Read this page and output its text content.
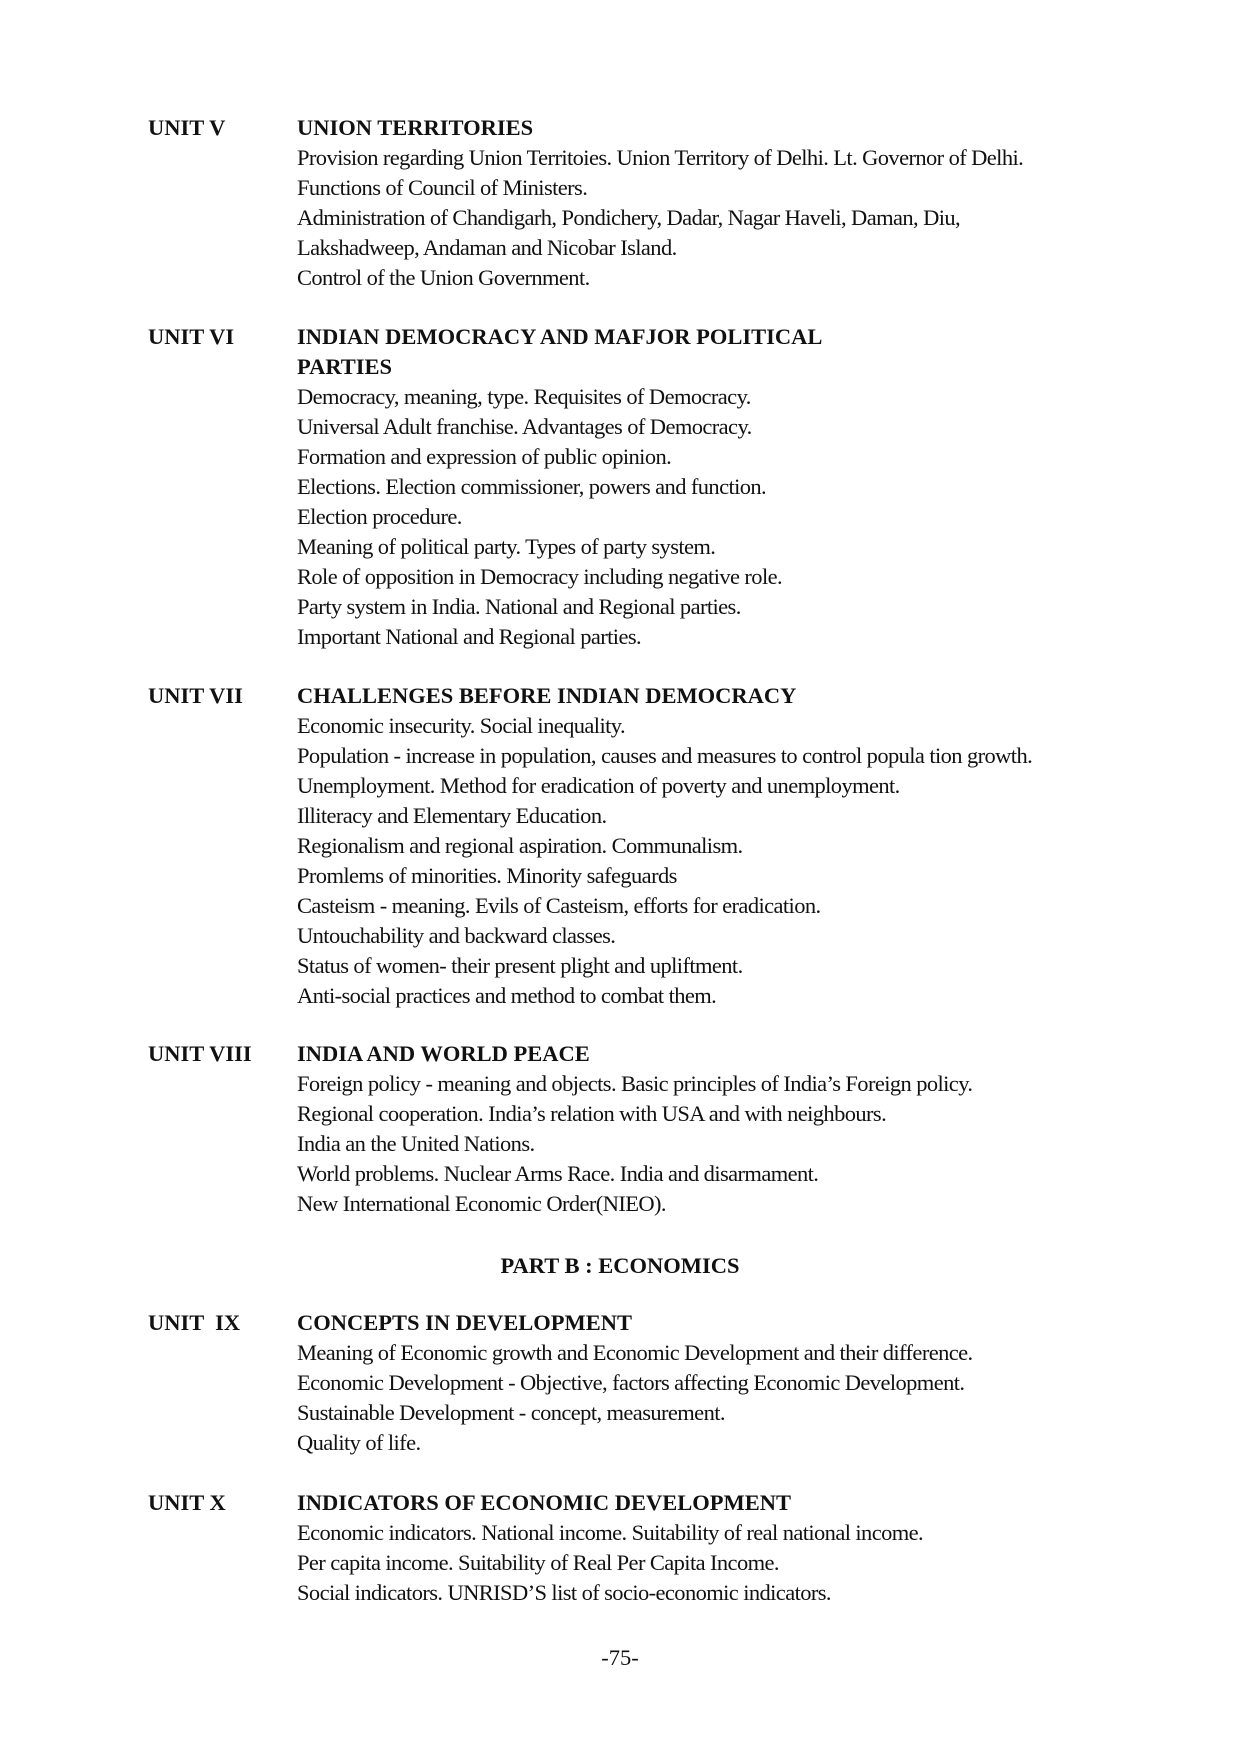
UNIT V	UNION TERRITORIES
Provision regarding Union Territoies. Union Territory of Delhi. Lt. Governor of Delhi.
Functions of Council of Ministers.
Administration of Chandigarh, Pondichery, Dadar, Nagar Haveli, Daman, Diu,
Lakshadweep, Andaman and Nicobar Island.
Control of the Union Government.
UNIT VI	INDIAN DEMOCRACY AND MAFJOR POLITICAL PARTIES
Democracy, meaning, type. Requisites of Democracy.
Universal Adult franchise. Advantages of Democracy.
Formation and expression of public opinion.
Elections. Election commissioner, powers and function.
Election procedure.
Meaning of political party. Types of party system.
Role of opposition in Democracy including negative role.
Party system in India. National and Regional parties.
Important National and Regional parties.
UNIT VII CHALLENGES BEFORE INDIAN DEMOCRACY
Economic insecurity. Social inequality.
Population - increase in population, causes and measures to control popula tion growth.
Unemployment. Method for eradication of poverty and unemployment.
Illiteracy and Elementary Education.
Regionalism and regional aspiration. Communalism.
Promlems of minorities. Minority safeguards
Casteism - meaning. Evils of Casteism, efforts for eradication.
Untouchability and backward classes.
Status of women- their present plight and upliftment.
Anti-social practices and method to combat them.
UNIT VIII INDIA AND WORLD PEACE
Foreign policy - meaning and objects. Basic principles of India’s Foreign policy.
Regional cooperation. India’s relation with USA and with neighbours.
India an the United Nations.
World problems. Nuclear Arms Race. India and disarmament.
New International Economic Order(NIEO).
PART B : ECONOMICS
UNIT  IX	CONCEPTS IN DEVELOPMENT
Meaning of Economic growth and Economic Development and their difference.
Economic Development - Objective, factors affecting Economic Development.
Sustainable Development - concept, measurement.
Quality of life.
UNIT X	INDICATORS OF ECONOMIC DEVELOPMENT
Economic indicators. National income. Suitability of real national income.
Per capita income. Suitability of Real Per Capita Income.
Social indicators. UNRISD’S list of socio-economic indicators.
-75-
